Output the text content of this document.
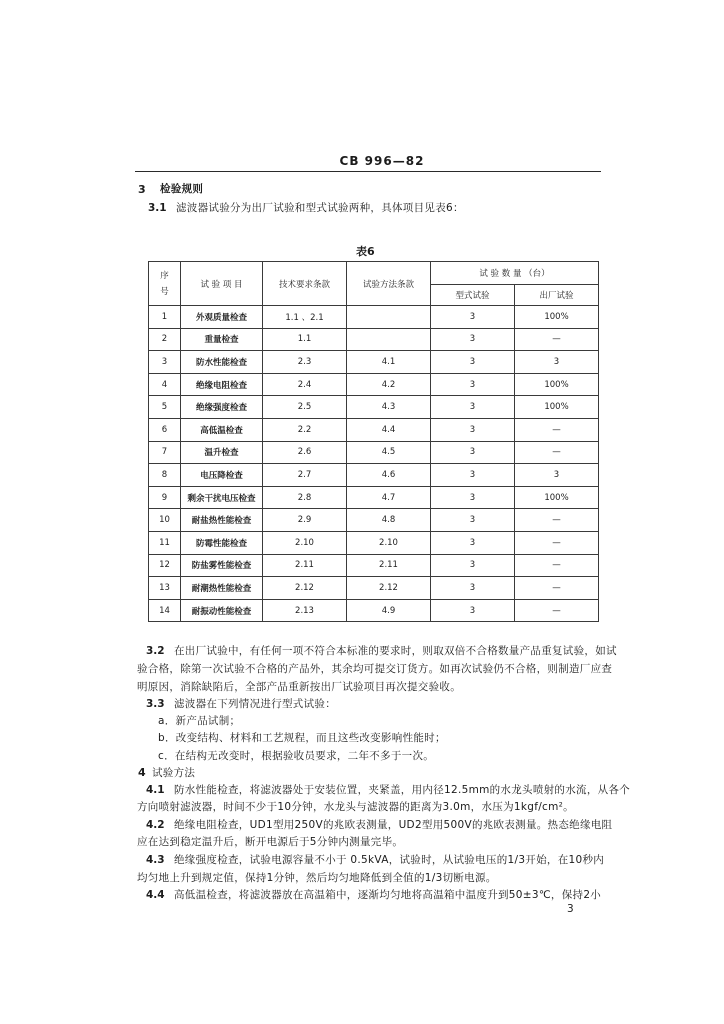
CB 996—82
3 检验规则
3.1 滤波器试验分为出厂试验和型式试验两种，具体项目见表6：
表6
序
号	试 验 项 目	技术要求条款	试验方法条款	试 验 数 量 （台）	
				型式试验	出厂试验
1	外观质量检查	1.1 、2.1		3	100%
2	重量检查	1.1		3	—
3	防水性能检查	2.3	4.1	3	3
4	绝缘电阻检查	2.4	4.2	3	100%
5	绝缘强度检查	2.5	4.3	3	100%
6	高低温检查	2.2	4.4	3	—
7	温升检查	2.6	4.5	3	—
8	电压降检查	2.7	4.6	3	3
9	剩余干扰电压检查	2.8	4.7	3	100%
10	耐盐热性能检查	2.9	4.8	3	—
11	防霉性能检查	2.10	2.10	3	—
12	防盐雾性能检查	2.11	2.11	3	—
13	耐潮热性能检查	2.12	2.12	3	—
14	耐振动性能检查	2.13	4.9	3	—
3.2 在出厂试验中，有任何一项不符合本标准的要求时，则取双倍不合格数量产品重复试验，如试
验合格，除第一次试验不合格的产品外，其余均可提交订货方。如再次试验仍不合格，则制造厂应查
明原因，消除缺陷后，全部产品重新按出厂试验项目再次提交验收。
3.3 滤波器在下列情况进行型式试验：
a．新产品试制；
b．改变结构、材料和工艺规程，而且这些改变影响性能时；
c．在结构无改变时，根据验收员要求，二年不多于一次。
4 试验方法
4.1 防水性能检查，将滤波器处于安装位置，夹紧盖，用内径12.5mm的水龙头喷射的水流，从各个
方向喷射滤波器，时间不少于10分钟，水龙头与滤波器的距离为3.0m，水压为1kgf/cm²。
4.2 绝缘电阻检查，UD1型用250V的兆欧表测量，UD2型用500V的兆欧表测量。热态绝缘电阻
应在达到稳定温升后，断开电源后于5分钟内测量完毕。
4.3 绝缘强度检查，试验电源容量不小于 0.5kVA，试验时，从试验电压的1/3开始，在10秒内
均匀地上升到规定值，保持1分钟，然后均匀地降低到全值的1/3切断电源。
4.4 高低温检查，将滤波器放在高温箱中，逐渐均匀地将高温箱中温度升到50±3℃，保持2小
3
